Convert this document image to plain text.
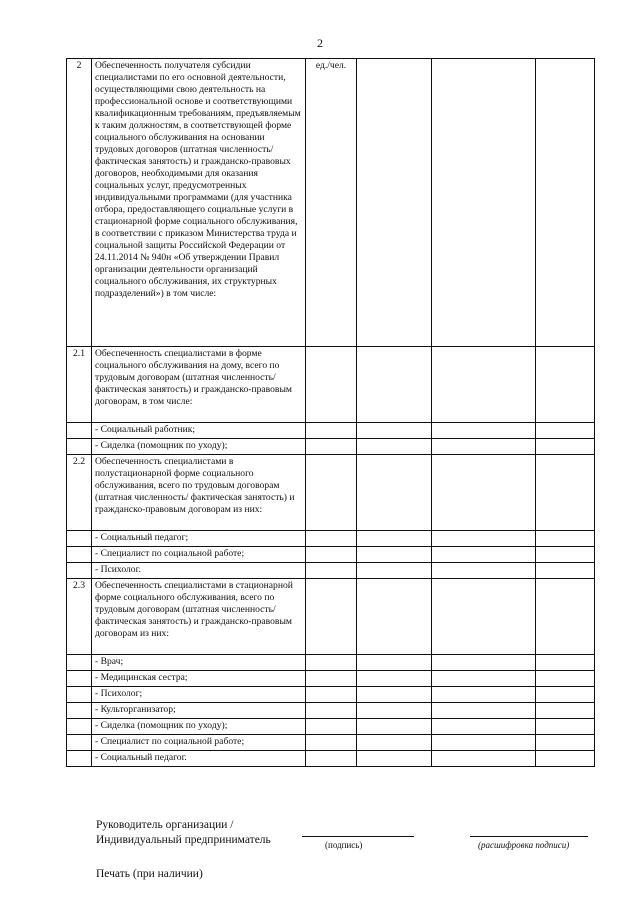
2
2	Обеспеченность получателя субсидии специалистами по его основной деятельности, осуществляющими свою деятельность на профессиональной основе и соответствующими квалификационным требованиям, предъявляемым к таким должностям, в соответствующей форме социального обслуживания на основании трудовых договоров (штатная численность/ фактическая занятость) и гражданско-правовых договоров, необходимыми для оказания социальных услуг, предусмотренных индивидуальными программами (для участника отбора, предоставляющего социальные услуги в стационарной форме социального обслуживания, в соответствии с приказом Министерства труда и социальной защиты Российской Федерации от 24.11.2014 № 940н «Об утверждении Правил организации деятельности организаций социального обслуживания, их структурных подразделений») в том числе:	ед./чел.			
2.1	Обеспеченность специалистами в форме социального обслуживания на дому, всего по трудовым договорам (штатная численность/ фактическая занятость) и гражданско-правовым договорам, в том числе:				
	- Социальный работник;				
	- Сиделка (помощник по уходу);				
2.2	Обеспеченность специалистами в полустационарной форме социального обслуживания, всего по трудовым договорам (штатная численность/ фактическая занятость) и гражданско-правовым договорам из них:				
	- Социальный педагог;				
	- Специалист по социальной работе;				
	- Психолог.				
2.3	Обеспеченность специалистами в стационарной форме социального обслуживания, всего по трудовым договорам (штатная численность/ фактическая занятость) и гражданско-правовым договорам из них:				
	- Врач;				
	- Медицинская сестра;				
	- Психолог;				
	- Культорганизатор;				
	- Сиделка (помощник по уходу);				
	- Специалист по социальной работе;				
	- Социальный педагог.				
Руководитель организации /
Индивидуальный предприниматель	(подпись)	(расшифровка подписи)
Печать (при наличии)
